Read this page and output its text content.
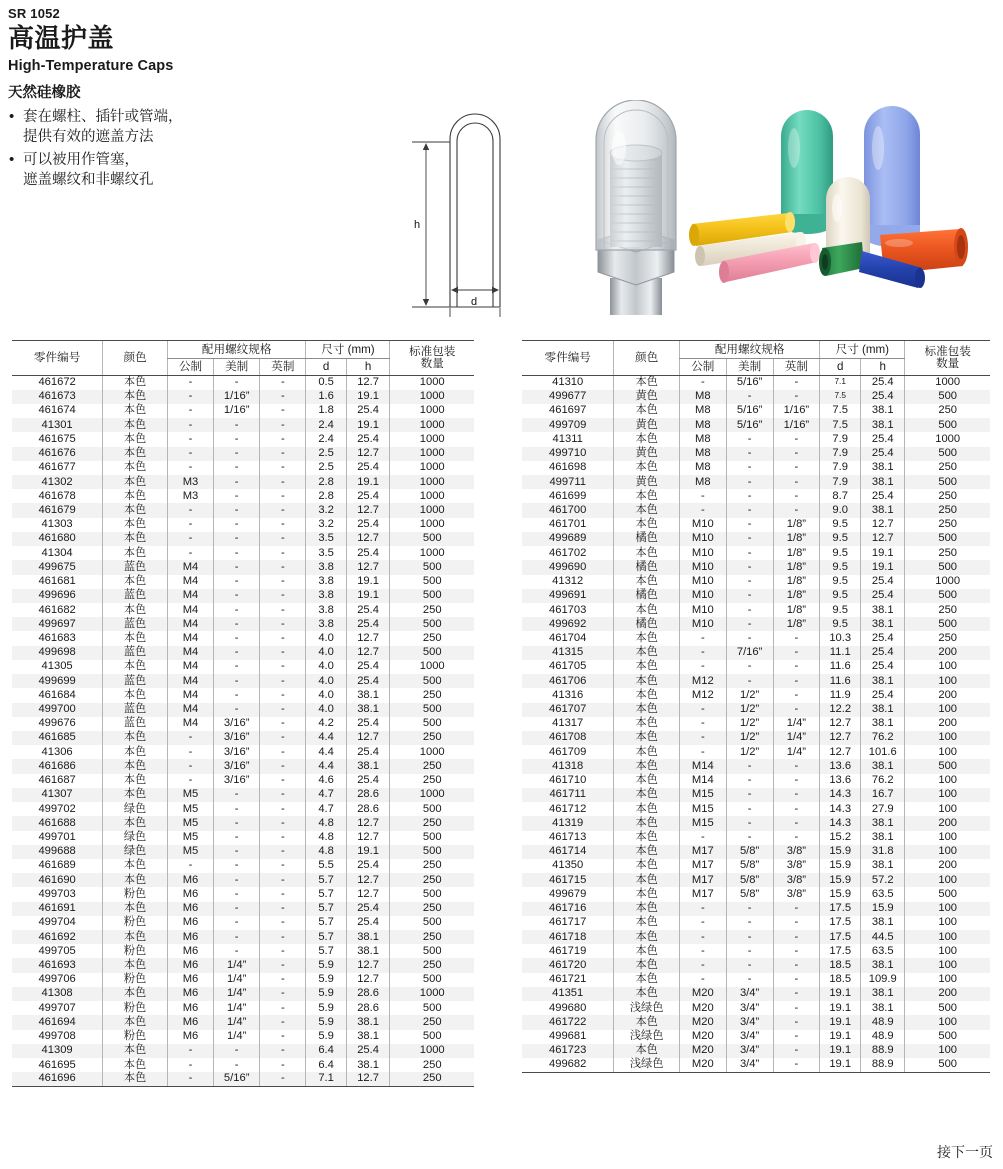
SR 1052
高温护盖
High-Temperature Caps
天然硅橡胶
• 套在螺柱、插针或管端，
提供有效的遮盖方法
• 可以被用作管塞，
遮盖螺纹和非螺纹孔
h
d
零件编号	颜色	配用螺纹规格			尺寸 (mm)		标准包装
数量

		公制	美制	英制	d	h	
461672	本色	-	-	-	0.5	12.7	1000
461673	本色	-	1/16”	-	1.6	19.1	1000
461674	本色	-	1/16”	-	1.8	25.4	1000
41301	本色	-	-	-	2.4	19.1	1000
461675	本色	-	-	-	2.4	25.4	1000
461676	本色	-	-	-	2.5	12.7	1000
461677	本色	-	-	-	2.5	25.4	1000
41302	本色	M3	-	-	2.8	19.1	1000
461678	本色	M3	-	-	2.8	25.4	1000
461679	本色	-	-	-	3.2	12.7	1000
41303	本色	-	-	-	3.2	25.4	1000
461680	本色	-	-	-	3.5	12.7	500
41304	本色	-	-	-	3.5	25.4	1000
499675	蓝色	M4	-	-	3.8	12.7	500
461681	本色	M4	-	-	3.8	19.1	500
499696	蓝色	M4	-	-	3.8	19.1	500
461682	本色	M4	-	-	3.8	25.4	250
499697	蓝色	M4	-	-	3.8	25.4	500
461683	本色	M4	-	-	4.0	12.7	250
499698	蓝色	M4	-	-	4.0	12.7	500
41305	本色	M4	-	-	4.0	25.4	1000
499699	蓝色	M4	-	-	4.0	25.4	500
461684	本色	M4	-	-	4.0	38.1	250
499700	蓝色	M4	-	-	4.0	38.1	500
499676	蓝色	M4	3/16”	-	4.2	25.4	500
461685	本色	-	3/16”	-	4.4	12.7	250
41306	本色	-	3/16”	-	4.4	25.4	1000
461686	本色	-	3/16”	-	4.4	38.1	250
461687	本色	-	3/16”	-	4.6	25.4	250
41307	本色	M5	-	-	4.7	28.6	1000
499702	绿色	M5	-	-	4.7	28.6	500
461688	本色	M5	-	-	4.8	12.7	250
499701	绿色	M5	-	-	4.8	12.7	500
499688	绿色	M5	-	-	4.8	19.1	500
461689	本色	-	-	-	5.5	25.4	250
461690	本色	M6	-	-	5.7	12.7	250
499703	粉色	M6	-	-	5.7	12.7	500
461691	本色	M6	-	-	5.7	25.4	250
499704	粉色	M6	-	-	5.7	25.4	500
461692	本色	M6	-	-	5.7	38.1	250
499705	粉色	M6	-	-	5.7	38.1	500
461693	本色	M6	1/4”	-	5.9	12.7	250
499706	粉色	M6	1/4”	-	5.9	12.7	500
41308	本色	M6	1/4”	-	5.9	28.6	1000
499707	粉色	M6	1/4”	-	5.9	28.6	500
461694	本色	M6	1/4”	-	5.9	38.1	250
499708	粉色	M6	1/4”	-	5.9	38.1	500
41309	本色	-	-	-	6.4	25.4	1000
461695	本色	-	-	-	6.4	38.1	250
461696	本色	-	5/16”	-	7.1	12.7	250
零件编号	颜色	配用螺纹规格			尺寸 (mm)		标准包装
数量

		公制	美制	英制	d	h	
41310	本色	-	5/16”	-	7.1	25.4	1000
499677	黄色	M8	-	-	7.5	25.4	500
461697	本色	M8	5/16”	1/16”	7.5	38.1	250
499709	黄色	M8	5/16”	1/16”	7.5	38.1	500
41311	本色	M8	-	-	7.9	25.4	1000
499710	黄色	M8	-	-	7.9	25.4	500
461698	本色	M8	-	-	7.9	38.1	250
499711	黄色	M8	-	-	7.9	38.1	500
461699	本色	-	-	-	8.7	25.4	250
461700	本色	-	-	-	9.0	38.1	250
461701	本色	M10	-	1/8”	9.5	12.7	250
499689	橘色	M10	-	1/8”	9.5	12.7	500
461702	本色	M10	-	1/8”	9.5	19.1	250
499690	橘色	M10	-	1/8”	9.5	19.1	500
41312	本色	M10	-	1/8”	9.5	25.4	1000
499691	橘色	M10	-	1/8”	9.5	25.4	500
461703	本色	M10	-	1/8”	9.5	38.1	250
499692	橘色	M10	-	1/8”	9.5	38.1	500
461704	本色	-	-	-	10.3	25.4	250
41315	本色	-	7/16”	-	11.1	25.4	200
461705	本色	-	-	-	11.6	25.4	100
461706	本色	M12	-	-	11.6	38.1	100
41316	本色	M12	1/2”	-	11.9	25.4	200
461707	本色	-	1/2”	-	12.2	38.1	100
41317	本色	-	1/2”	1/4”	12.7	38.1	200
461708	本色	-	1/2”	1/4”	12.7	76.2	100
461709	本色	-	1/2”	1/4”	12.7	101.6	100
41318	本色	M14	-	-	13.6	38.1	500
461710	本色	M14	-	-	13.6	76.2	100
461711	本色	M15	-	-	14.3	16.7	100
461712	本色	M15	-	-	14.3	27.9	100
41319	本色	M15	-	-	14.3	38.1	200
461713	本色	-	-	-	15.2	38.1	100
461714	本色	M17	5/8”	3/8”	15.9	31.8	100
41350	本色	M17	5/8”	3/8”	15.9	38.1	200
461715	本色	M17	5/8”	3/8”	15.9	57.2	100
499679	本色	M17	5/8”	3/8”	15.9	63.5	500
461716	本色	-	-	-	17.5	15.9	100
461717	本色	-	-	-	17.5	38.1	100
461718	本色	-	-	-	17.5	44.5	100
461719	本色	-	-	-	17.5	63.5	100
461720	本色	-	-	-	18.5	38.1	100
461721	本色	-	-	-	18.5	109.9	100
41351	本色	M20	3/4”	-	19.1	38.1	200
499680	浅绿色	M20	3/4”	-	19.1	38.1	500
461722	本色	M20	3/4”	-	19.1	48.9	100
499681	浅绿色	M20	3/4”	-	19.1	48.9	500
461723	本色	M20	3/4”	-	19.1	88.9	100
499682	浅绿色	M20	3/4”	-	19.1	88.9	500
接下一页
